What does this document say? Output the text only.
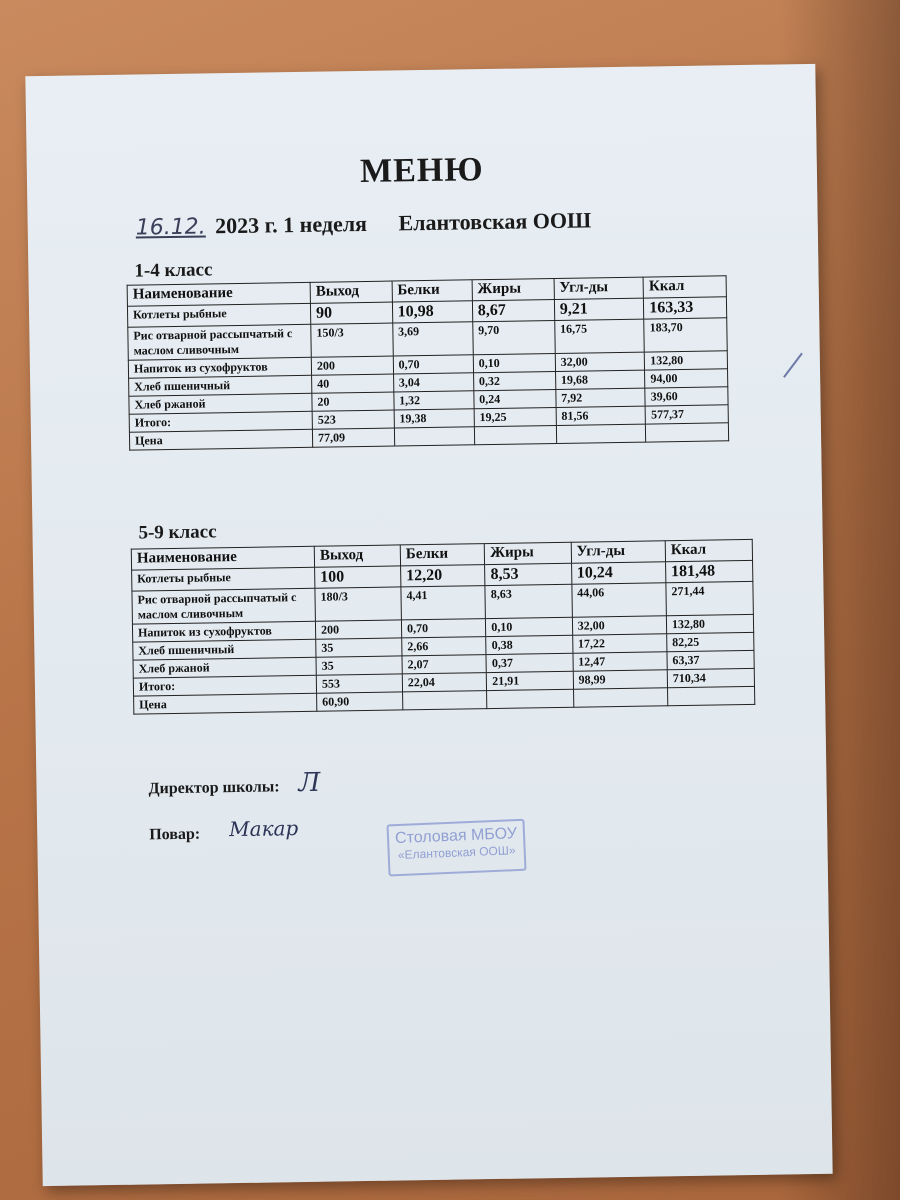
МЕНЮ
16.12. 2023 г. 1 неделя Елантовская ООШ
1-4 класс
Наименование	Выход	Белки	Жиры	Угл-ды	Ккал
Котлеты рыбные	90	10,98	8,67	9,21	163,33
Рис отварной рассыпчатый с маслом сливочным	150/3	3,69	9,70	16,75	183,70
Напиток из сухофруктов	200	0,70	0,10	32,00	132,80
Хлеб пшеничный	40	3,04	0,32	19,68	94,00
Хлеб ржаной	20	1,32	0,24	7,92	39,60
Итого:	523	19,38	19,25	81,56	577,37
Цена	77,09				
5-9 класс
Наименование	Выход	Белки	Жиры	Угл-ды	Ккал
Котлеты рыбные	100	12,20	8,53	10,24	181,48
Рис отварной рассыпчатый с маслом сливочным	180/3	4,41	8,63	44,06	271,44
Напиток из сухофруктов	200	0,70	0,10	32,00	132,80
Хлеб пшеничный	35	2,66	0,38	17,22	82,25
Хлеб ржаной	35	2,07	0,37	12,47	63,37
Итого:	553	22,04	21,91	98,99	710,34
Цена	60,90				
Директор школы: Л
Повар: Макар	Столовая МБОУ
«Елантовская ООШ»
